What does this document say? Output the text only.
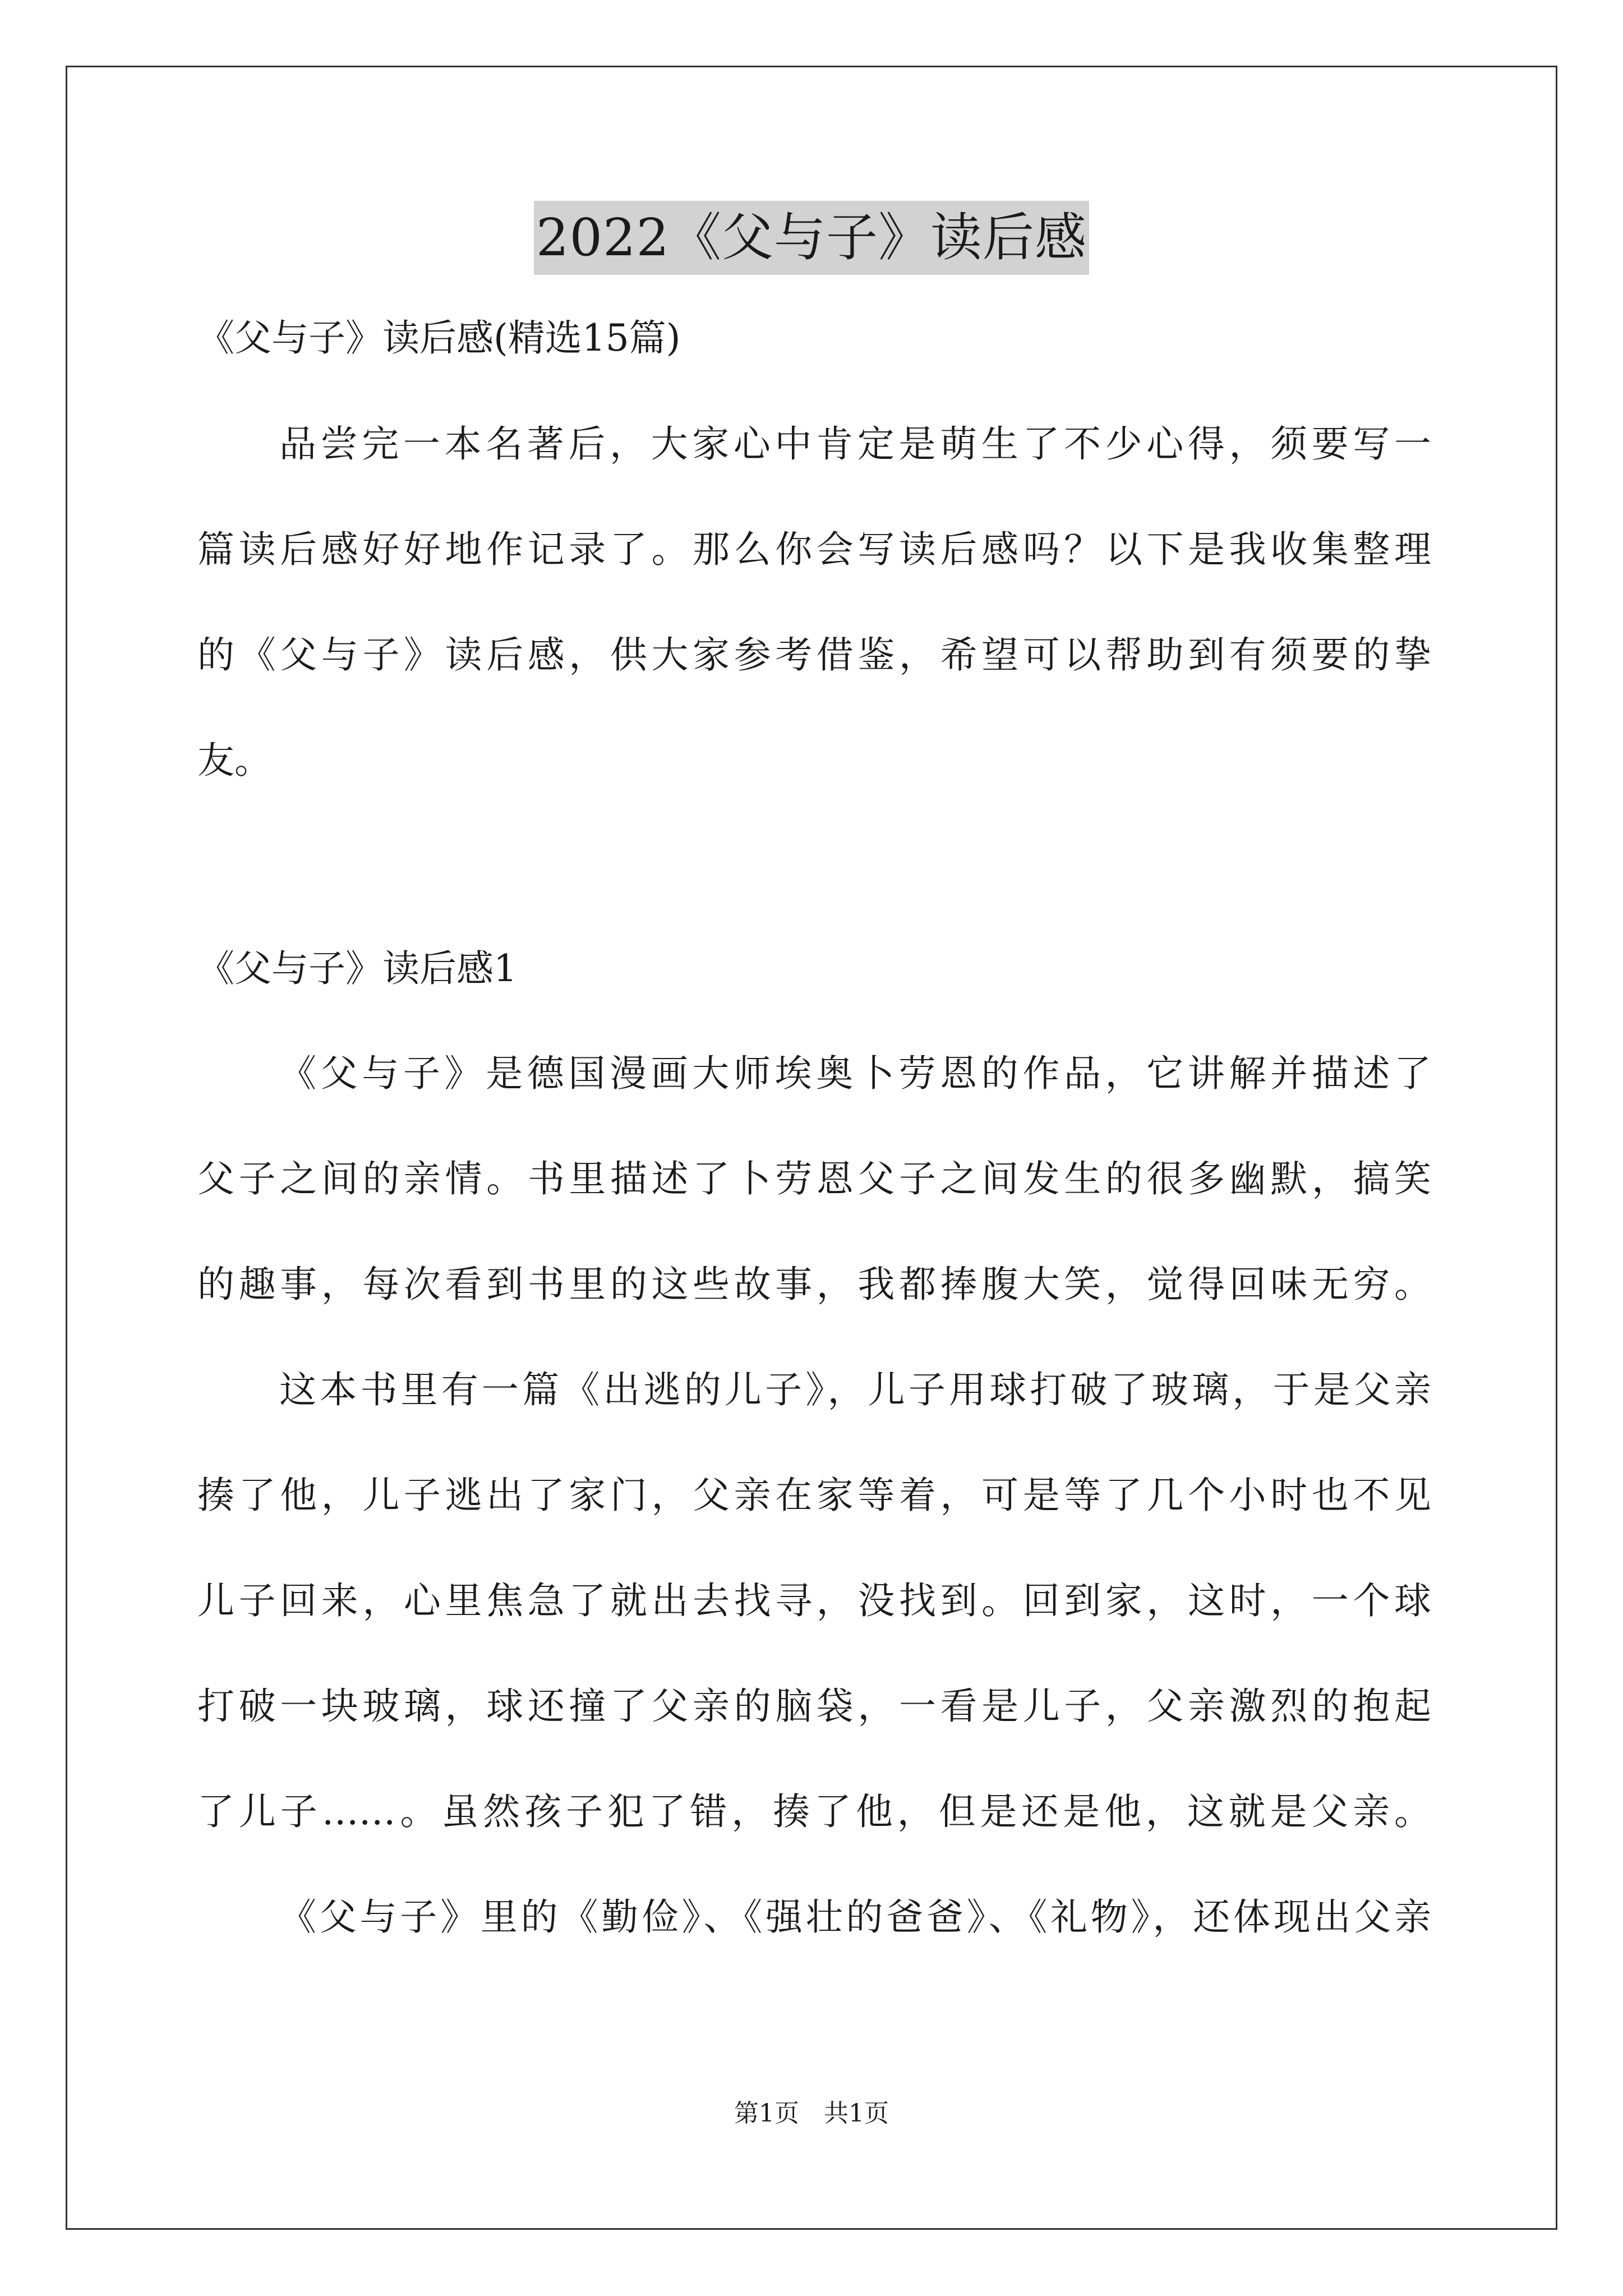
2022《父与子》读后感
《父与子》读后感(精选15篇)
品尝完一本名著后，大家心中肯定是萌生了不少心得，须要写一
篇读后感好好地作记录了。那么你会写读后感吗？以下是我收集整理
的《父与子》读后感，供大家参考借鉴，希望可以帮助到有须要的挚
友。
《父与子》读后感1
《父与子》是德国漫画大师埃奥卜劳恩的作品，它讲解并描述了
父子之间的亲情。书里描述了卜劳恩父子之间发生的很多幽默，搞笑
的趣事，每次看到书里的这些故事，我都捧腹大笑，觉得回味无穷。
这本书里有一篇《出逃的儿子》，儿子用球打破了玻璃，于是父亲
揍了他，儿子逃出了家门，父亲在家等着，可是等了几个小时也不见
儿子回来，心里焦急了就出去找寻，没找到。回到家，这时，一个球
打破一块玻璃，球还撞了父亲的脑袋，一看是儿子，父亲激烈的抱起
了儿子……。虽然孩子犯了错，揍了他，但是还是他，这就是父亲。
《父与子》里的《勤俭》、《强壮的爸爸》、《礼物》，还体现出父亲
第1页　共1页
